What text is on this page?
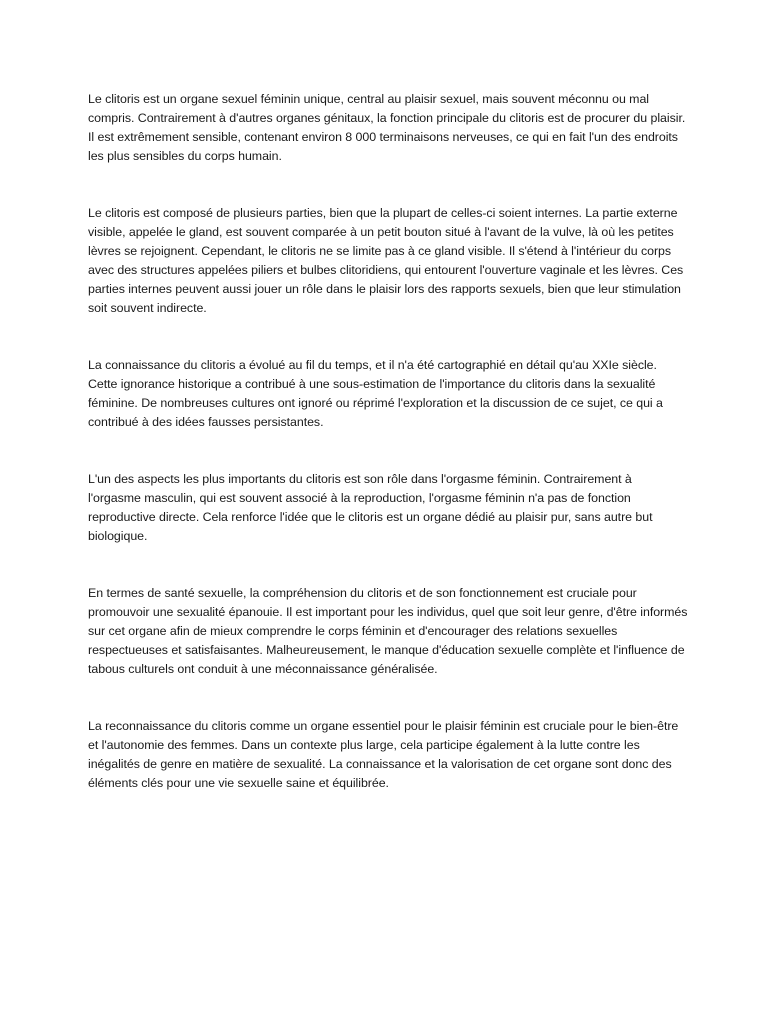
Le clitoris est un organe sexuel féminin unique, central au plaisir sexuel, mais souvent méconnu ou mal compris. Contrairement à d'autres organes génitaux, la fonction principale du clitoris est de procurer du plaisir. Il est extrêmement sensible, contenant environ 8 000 terminaisons nerveuses, ce qui en fait l'un des endroits les plus sensibles du corps humain.

Le clitoris est composé de plusieurs parties, bien que la plupart de celles-ci soient internes. La partie externe visible, appelée le gland, est souvent comparée à un petit bouton situé à l'avant de la vulve, là où les petites lèvres se rejoignent. Cependant, le clitoris ne se limite pas à ce gland visible. Il s'étend à l'intérieur du corps avec des structures appelées piliers et bulbes clitoridiens, qui entourent l'ouverture vaginale et les lèvres. Ces parties internes peuvent aussi jouer un rôle dans le plaisir lors des rapports sexuels, bien que leur stimulation soit souvent indirecte.

La connaissance du clitoris a évolué au fil du temps, et il n'a été cartographié en détail qu'au XXIe siècle. Cette ignorance historique a contribué à une sous-estimation de l'importance du clitoris dans la sexualité féminine. De nombreuses cultures ont ignoré ou réprimé l'exploration et la discussion de ce sujet, ce qui a contribué à des idées fausses persistantes.

L'un des aspects les plus importants du clitoris est son rôle dans l'orgasme féminin. Contrairement à l'orgasme masculin, qui est souvent associé à la reproduction, l'orgasme féminin n'a pas de fonction reproductive directe. Cela renforce l'idée que le clitoris est un organe dédié au plaisir pur, sans autre but biologique.

En termes de santé sexuelle, la compréhension du clitoris et de son fonctionnement est cruciale pour promouvoir une sexualité épanouie. Il est important pour les individus, quel que soit leur genre, d'être informés sur cet organe afin de mieux comprendre le corps féminin et d'encourager des relations sexuelles respectueuses et satisfaisantes. Malheureusement, le manque d'éducation sexuelle complète et l'influence de tabous culturels ont conduit à une méconnaissance généralisée.

La reconnaissance du clitoris comme un organe essentiel pour le plaisir féminin est cruciale pour le bien-être et l'autonomie des femmes. Dans un contexte plus large, cela participe également à la lutte contre les inégalités de genre en matière de sexualité. La connaissance et la valorisation de cet organe sont donc des éléments clés pour une vie sexuelle saine et équilibrée.
